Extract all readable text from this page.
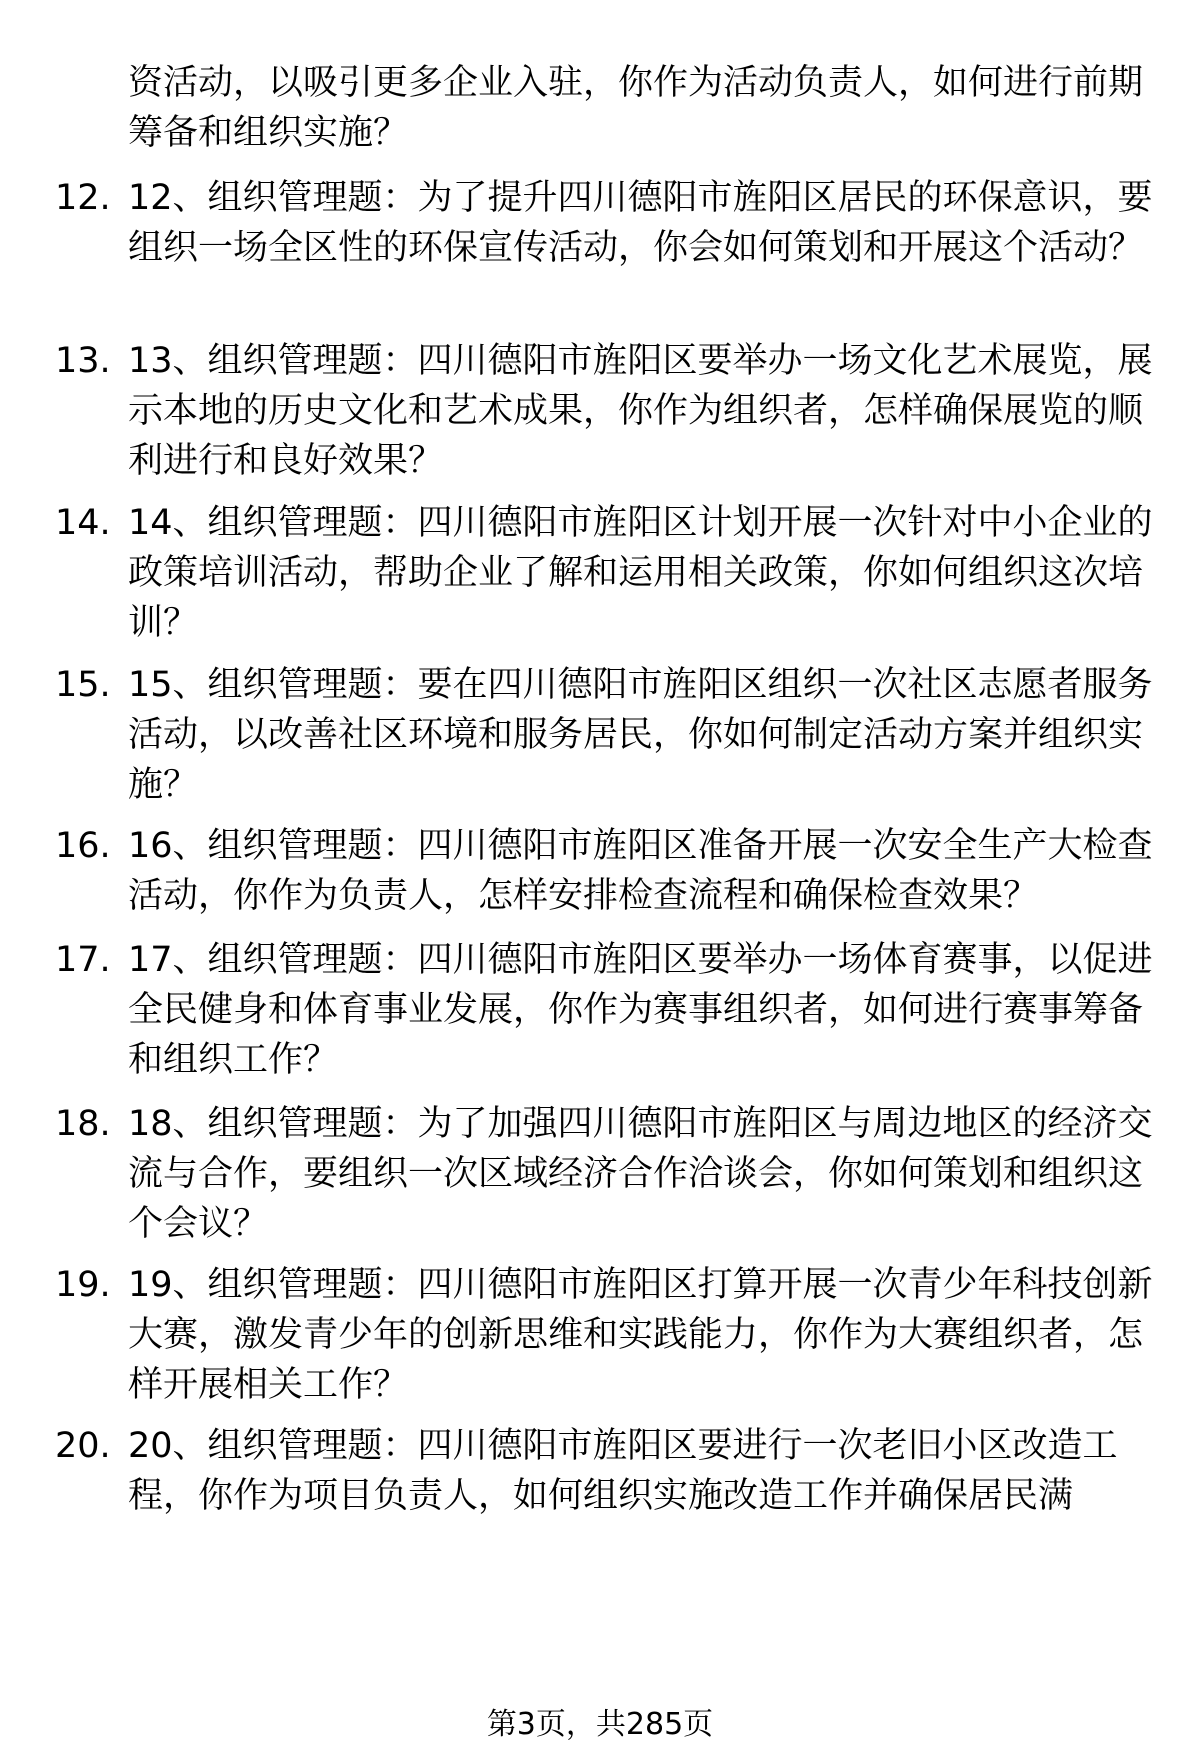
资活动，以吸引更多企业入驻，你作为活动负责人，如何进行前期筹备和组织实施？
12. 12、组织管理题：为了提升四川德阳市旌阳区居民的环保意识，要组织一场全区性的环保宣传活动，你会如何策划和开展这个活动？
13. 13、组织管理题：四川德阳市旌阳区要举办一场文化艺术展览，展示本地的历史文化和艺术成果，你作为组织者，怎样确保展览的顺利进行和良好效果？
14. 14、组织管理题：四川德阳市旌阳区计划开展一次针对中小企业的政策培训活动，帮助企业了解和运用相关政策，你如何组织这次培训？
15. 15、组织管理题：要在四川德阳市旌阳区组织一次社区志愿者服务活动，以改善社区环境和服务居民，你如何制定活动方案并组织实施？
16. 16、组织管理题：四川德阳市旌阳区准备开展一次安全生产大检查活动，你作为负责人，怎样安排检查流程和确保检查效果？
17. 17、组织管理题：四川德阳市旌阳区要举办一场体育赛事，以促进全民健身和体育事业发展，你作为赛事组织者，如何进行赛事筹备和组织工作？
18. 18、组织管理题：为了加强四川德阳市旌阳区与周边地区的经济交流与合作，要组织一次区域经济合作洽谈会，你如何策划和组织这个会议？
19. 19、组织管理题：四川德阳市旌阳区打算开展一次青少年科技创新大赛，激发青少年的创新思维和实践能力，你作为大赛组织者，怎样开展相关工作？
20. 20、组织管理题：四川德阳市旌阳区要进行一次老旧小区改造工程，你作为项目负责人，如何组织实施改造工作并确保居民满
第3页，共285页
